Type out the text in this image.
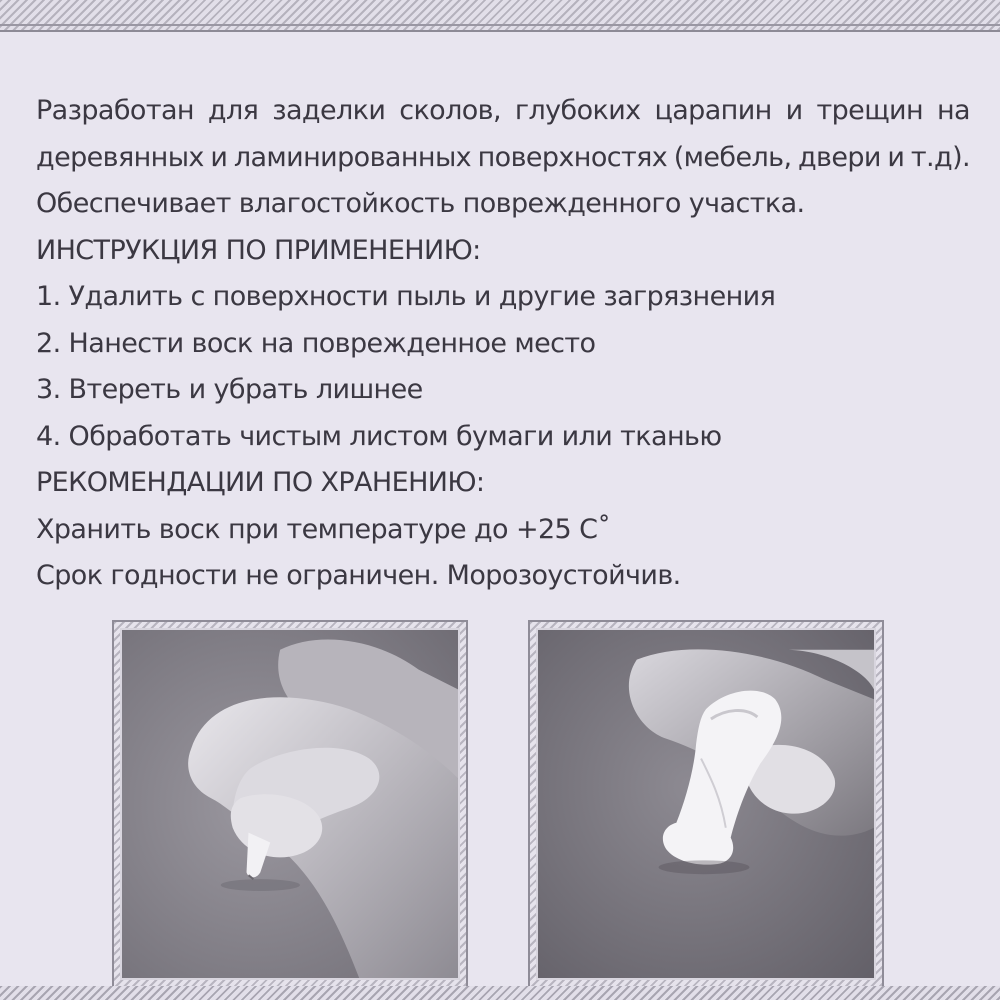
Разработан для заделки сколов, глубоких царапин и трещин на
деревянных и ламинированных поверхностях (мебель, двери и т.д).
Обеспечивает влагостойкость поврежденного участка.
ИНСТРУКЦИЯ ПО ПРИМЕНЕНИЮ:
1. Удалить с поверхности пыль и другие загрязнения
2. Нанести воск на поврежденное место
3. Втереть и убрать лишнее
4. Обработать чистым листом бумаги или тканью
РЕКОМЕНДАЦИИ ПО ХРАНЕНИЮ:
Хранить воск при температуре до +25 С˚
Срок годности не ограничен. Морозоустойчив.
